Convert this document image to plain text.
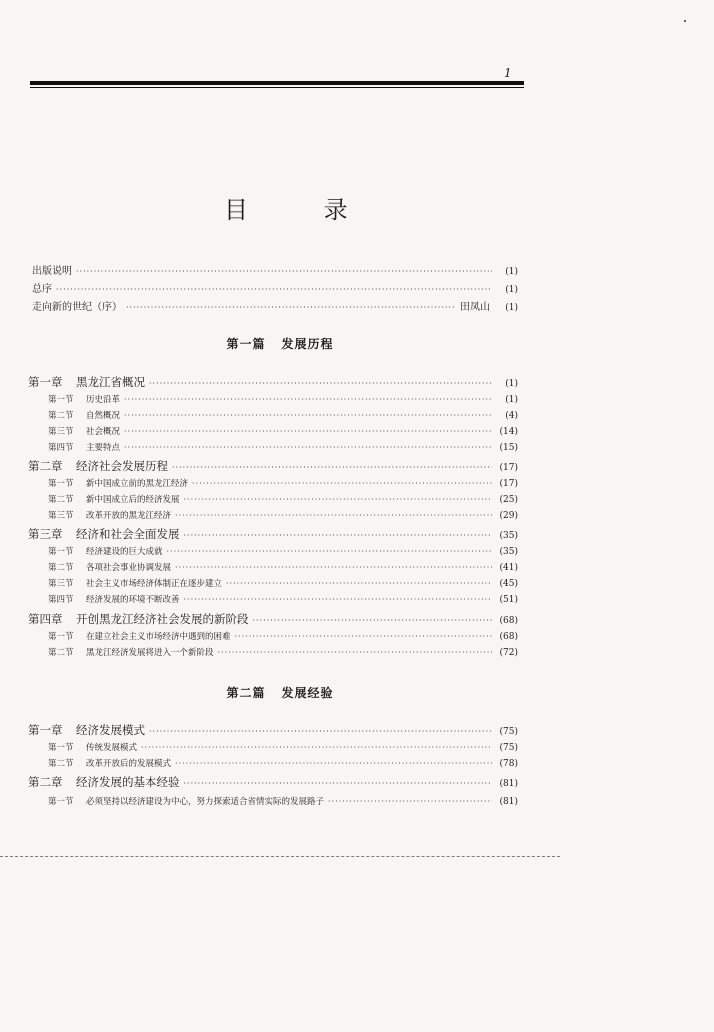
1
目 录
出版说明 ·····	(1)
总序 ·····	(1)
走向新的世纪（序） ·····	田凤山	(1)
第一篇 发展历程
第一章 黑龙江省概况 ·····	(1)
第一节 历史沿革 ·····	(1)
第二节 自然概况 ·····	(4)
第三节 社会概况 ·····	(14)
第四节 主要特点 ·····	(15)
第二章 经济社会发展历程 ·····	(17)
第一节 新中国成立前的黑龙江经济 ·····	(17)
第二节 新中国成立后的经济发展 ·····	(25)
第三节 改革开放的黑龙江经济 ·····	(29)
第三章 经济和社会全面发展 ·····	(35)
第一节 经济建设的巨大成就 ·····	(35)
第二节 各项社会事业协调发展 ·····	(41)
第三节 社会主义市场经济体制正在逐步建立 ·····	(45)
第四节 经济发展的环境不断改善 ·····	(51)
第四章 开创黑龙江经济社会发展的新阶段 ·····	(68)
第一节 在建立社会主义市场经济中遇到的困难 ·····	(68)
第二节 黑龙江经济发展将进入一个新阶段 ·····	(72)
第二篇 发展经验
第一章 经济发展模式 ·····	(75)
第一节 传统发展模式 ·····	(75)
第二节 改革开放后的发展模式 ·····	(78)
第二章 经济发展的基本经验 ·····	(81)
第一节 必须坚持以经济建设为中心，努力探索适合省情实际的发展路子 ·····	(81)
